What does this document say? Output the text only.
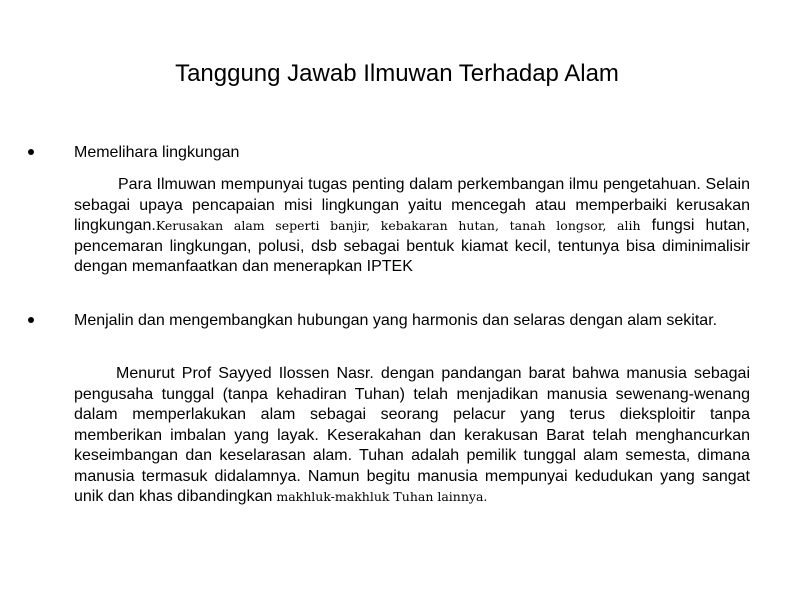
Tanggung Jawab Ilmuwan Terhadap Alam
Memelihara lingkungan

Para Ilmuwan mempunyai tugas penting dalam perkembangan ilmu pengetahuan. Selain sebagai upaya pencapaian misi lingkungan yaitu mencegah atau memperbaiki kerusakan lingkungan.Kerusakan alam seperti banjir, kebakaran hutan, tanah longsor, alih fungsi hutan, pencemaran lingkungan, polusi, dsb sebagai bentuk kiamat kecil, tentunya bisa diminimalisir dengan memanfaatkan dan menerapkan IPTEK

Menjalin dan mengembangkan hubungan yang harmonis dan selaras dengan alam sekitar.

Menurut Prof Sayyed Ilossen Nasr. dengan pandangan barat bahwa manusia sebagai pengusaha tunggal (tanpa kehadiran Tuhan) telah menjadikan manusia sewenang-wenang dalam memperlakukan alam sebagai seorang pelacur yang terus dieksploitir tanpa memberikan imbalan yang layak. Keserakahan dan kerakusan Barat telah menghancurkan keseimbangan dan keselarasan alam. Tuhan adalah pemilik tunggal alam semesta, dimana manusia termasuk didalamnya. Namun begitu manusia mempunyai kedudukan yang sangat unik dan khas dibandingkan makhluk-makhluk Tuhan lainnya.
